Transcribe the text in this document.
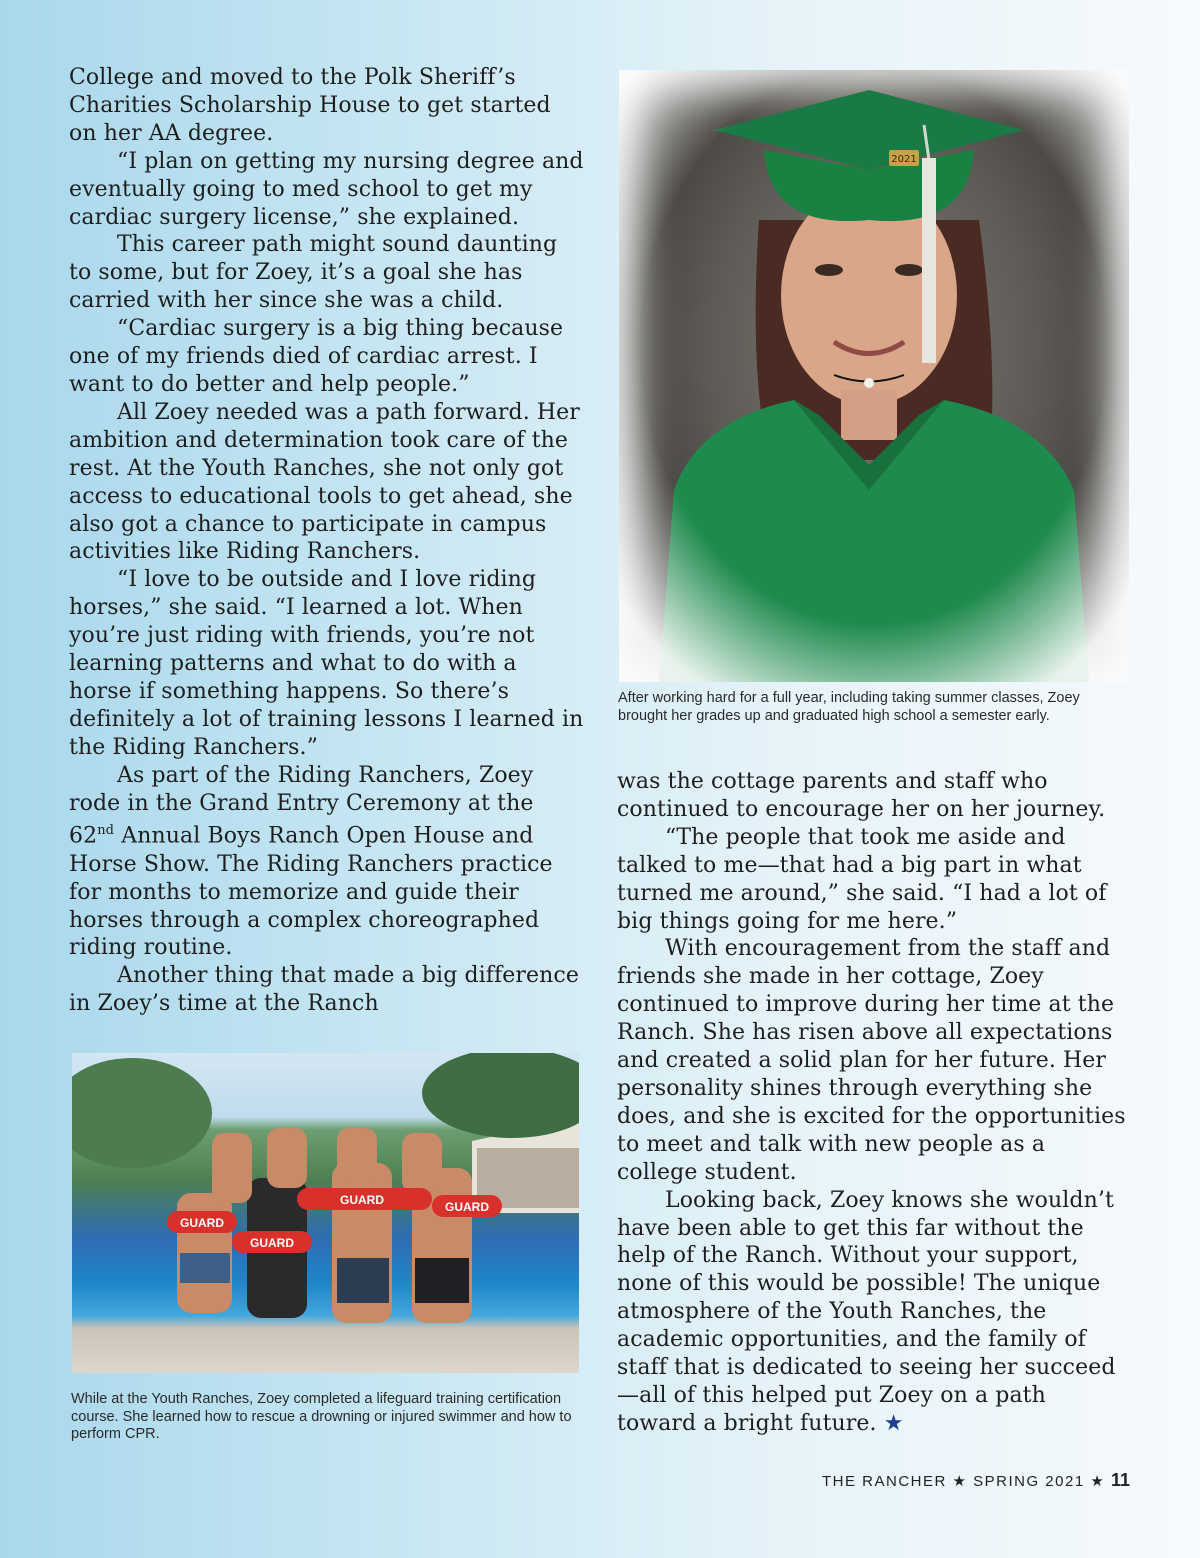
College and moved to the Polk Sheriff’s Charities Scholarship House to get started on her AA degree.

“I plan on getting my nursing degree and eventually going to med school to get my cardiac surgery license,” she explained.

This career path might sound daunting to some, but for Zoey, it’s a goal she has carried with her since she was a child.

“Cardiac surgery is a big thing because one of my friends died of cardiac arrest. I want to do better and help people.”

All Zoey needed was a path forward. Her ambition and determination took care of the rest. At the Youth Ranches, she not only got access to educational tools to get ahead, she also got a chance to participate in campus activities like Riding Ranchers.

“I love to be outside and I love riding horses,” she said. “I learned a lot. When you’re just riding with friends, you’re not learning patterns and what to do with a horse if something happens. So there’s definitely a lot of training lessons I learned in the Riding Ranchers.”

As part of the Riding Ranchers, Zoey rode in the Grand Entry Ceremony at the 62nd Annual Boys Ranch Open House and Horse Show. The Riding Ranchers practice for months to memorize and guide their horses through a complex choreographed riding routine.

Another thing that made a big difference in Zoey’s time at the Ranch

After working hard for a full year, including taking summer classes, Zoey brought her grades up and graduated high school a semester early.
GUARD
GUARD
GUARD	GUARD
While at the Youth Ranches, Zoey completed a lifeguard training certification course. She learned how to rescue a drowning or injured swimmer and how to perform CPR.

was the cottage parents and staff who continued to encourage her on her journey.

“The people that took me aside and talked to me—that had a big part in what turned me around,” she said. “I had a lot of big things going for me here.”

With encouragement from the staff and friends she made in her cottage, Zoey continued to improve during her time at the Ranch. She has risen above all expectations and created a solid plan for her future. Her personality shines through everything she does, and she is excited for the opportunities to meet and talk with new people as a college student.

Looking back, Zoey knows she wouldn’t have been able to get this far without the help of the Ranch. Without your support, none of this would be possible! The unique atmosphere of the Youth Ranches, the academic opportunities, and the family of staff that is dedicated to seeing her succeed—all of this helped put Zoey on a path toward a bright future. ★

THE RANCHER ★ SPRING 2021 ★ 11
